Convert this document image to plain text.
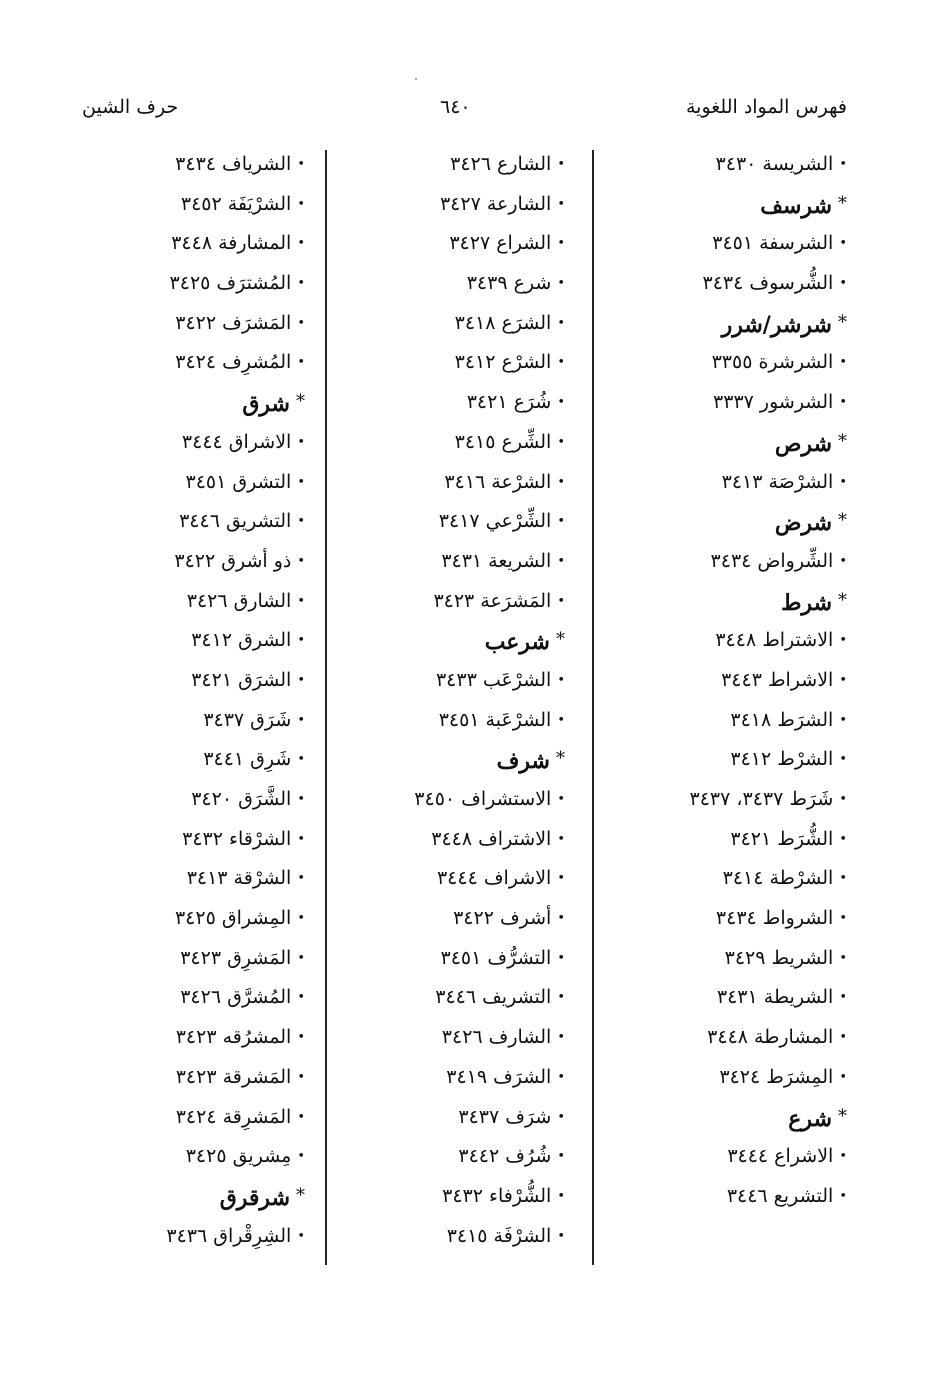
فهرس المواد اللغوية
٦٤٠
حرف الشين
• الشريسة ٣٤٣٠
* شرسف
• الشرسفة ٣٤٥١
• الشُّرسوف ٣٤٣٤
* شرشر/شرر
• الشرشرة ٣٣٥٥
• الشرشور ٣٣٣٧
* شرص
• الشرْصَة ٣٤١٣
* شرض
• الشِّرواض ٣٤٣٤
* شرط
• الاشتراط ٣٤٤٨
• الاشراط ٣٤٤٣
• الشرَط ٣٤١٨
• الشرْط ٣٤١٢
• شَرَط ٣٤٣٧، ٣٤٣٧
• الشُّرَط ٣٤٢١
• الشرْطة ٣٤١٤
• الشرواط ٣٤٣٤
• الشريط ٣٤٢٩
• الشريطة ٣٤٣١
• المشارطة ٣٤٤٨
• المِشرَط ٣٤٢٤
* شرع
• الاشراع ٣٤٤٤
• التشريع ٣٤٤٦
• الشارع ٣٤٢٦
• الشارعة ٣٤٢٧
• الشراع ٣٤٢٧
• شرع ٣٤٣٩
• الشرَع ٣٤١٨
• الشرْع ٣٤١٢
• شُرَع ٣٤٢١
• الشِّرع ٣٤١٥
• الشرْعة ٣٤١٦
• الشِّرْعي ٣٤١٧
• الشريعة ٣٤٣١
• المَشرَعة ٣٤٢٣
* شرعب
• الشرْعَب ٣٤٣٣
• الشرْعَبة ٣٤٥١
* شرف
• الاستشراف ٣٤٥٠
• الاشتراف ٣٤٤٨
• الاشراف ٣٤٤٤
• أشرف ٣٤٢٢
• التشرُّف ٣٤٥١
• التشريف ٣٤٤٦
• الشارف ٣٤٢٦
• الشرَف ٣٤١٩
• شرَف ٣٤٣٧
• شُرُف ٣٤٤٢
• الشُّرْفاء ٣٤٣٢
• الشرْفَة ٣٤١٥
• الشرياف ٣٤٣٤
• الشرْيَفَة ٣٤٥٢
• المشارفة ٣٤٤٨
• المُشترَف ٣٤٢٥
• المَشرَف ٣٤٢٢
• المُشرِف ٣٤٢٤
* شرق
• الاشراق ٣٤٤٤
• التشرق ٣٤٥١
• التشريق ٣٤٤٦
• ذو أشرق ٣٤٢٢
• الشارق ٣٤٢٦
• الشرق ٣٤١٢
• الشرَق ٣٤٢١
• شَرَق ٣٤٣٧
• شَرِق ٣٤٤١
• الشَّرَق ٣٤٢٠
• الشرْقاء ٣٤٣٢
• الشرْقة ٣٤١٣
• المِشراق ٣٤٢٥
• المَشرِق ٣٤٢٣
• المُشرَّق ٣٤٢٦
• المشرُقه ٣٤٢٣
• المَشرقة ٣٤٢٣
• المَشرِقة ٣٤٢٤
• مِشريق ٣٤٢٥
* شرقرق
• الشِرِقْراق ٣٤٣٦
